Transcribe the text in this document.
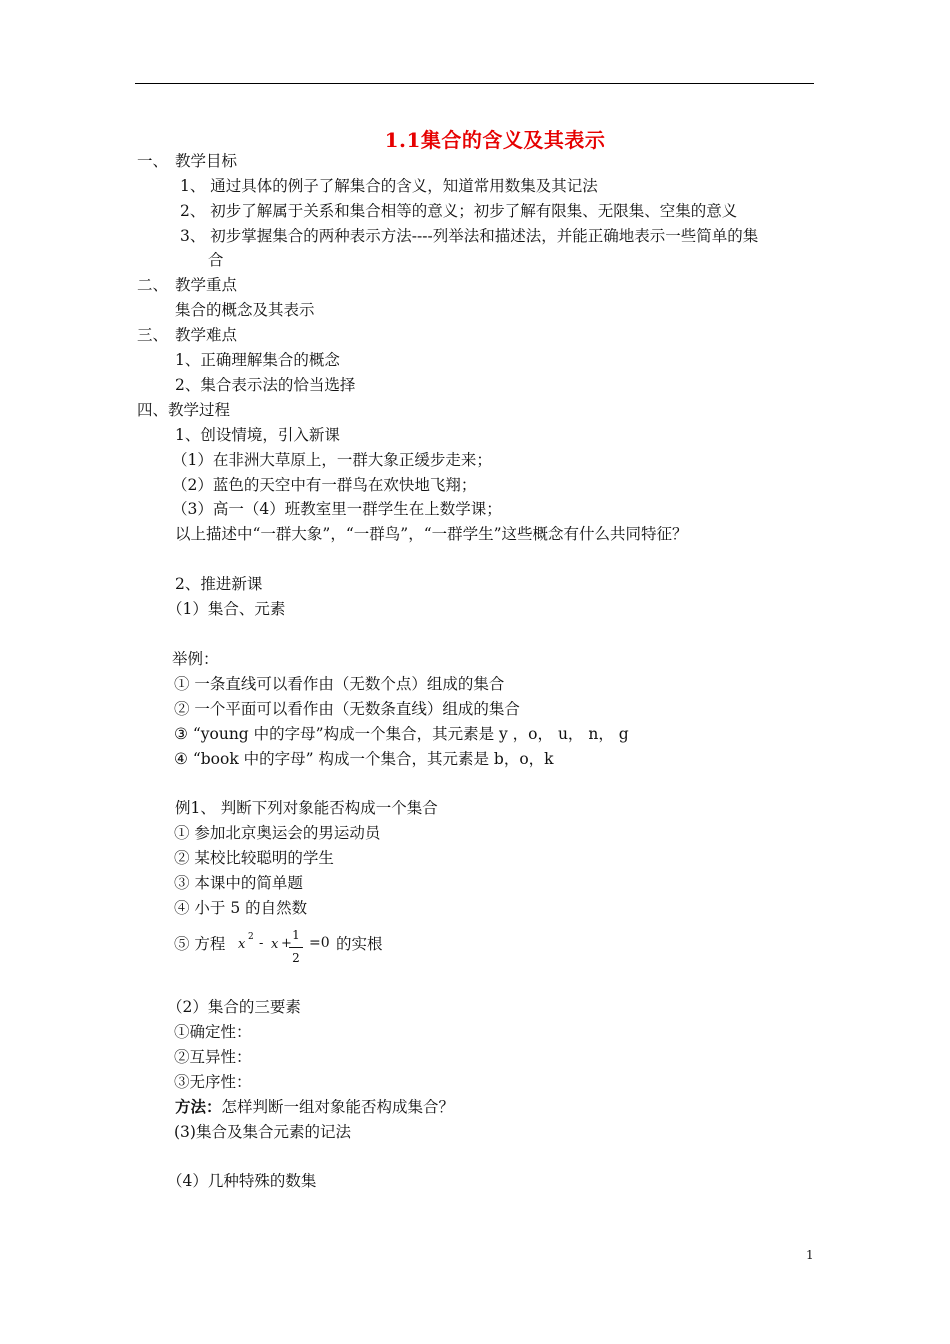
1.1集合的含义及其表示
一、 教学目标
1、 通过具体的例子了解集合的含义，知道常用数集及其记法
2、 初步了解属于关系和集合相等的意义；初步了解有限集、无限集、空集的意义
3、 初步掌握集合的两种表示方法----列举法和描述法，并能正确地表示一些简单的集
合
二、 教学重点
集合的概念及其表示
三、 教学难点
1、正确理解集合的概念
2、集合表示法的恰当选择
四、教学过程
1、创设情境，引入新课
（1）在非洲大草原上，一群大象正缓步走来；
（2）蓝色的天空中有一群鸟在欢快地飞翔；
（3）高一（4）班教室里一群学生在上数学课；
以上描述中“一群大象”，“一群鸟”，“一群学生”这些概念有什么共同特征？
2、推进新课
（1）集合、元素
举例：
① 一条直线可以看作由（无数个点）组成的集合
② 一个平面可以看作由（无数条直线）组成的集合
③ “young 中的字母”构成一个集合，其元素是 y ，o， u， n， g
④ “book 中的字母” 构成一个集合，其元素是 b，o，k
例1、 判断下列对象能否构成一个集合
① 参加北京奥运会的男运动员
② 某校比较聪明的学生
③ 本课中的简单题
④ 小于 5 的自然数
⑤ 方程 x 2 - x +
1
2
=0 的实根
（2）集合的三要素
①确定性：
②互异性：
③无序性：
方法：怎样判断一组对象能否构成集合？
(3)集合及集合元素的记法
（4）几种特殊的数集
1
